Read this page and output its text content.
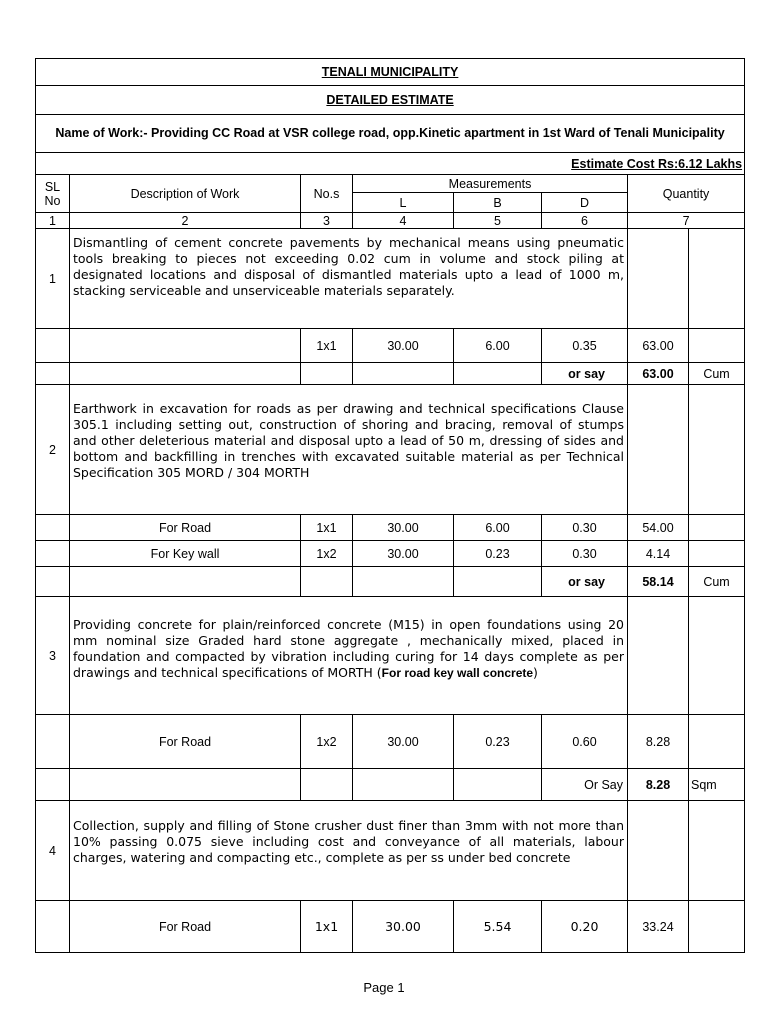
TENALI MUNICIPALITY							
DETAILED ESTIMATE							
Name of Work:- Providing CC Road at VSR college road, opp.Kinetic apartment in 1st Ward of Tenali Municipality							
Estimate Cost Rs:6.12 Lakhs							
SL No	Description of Work	No.s	Measurements			Quantity	
			L	B	D		
1	2	3	4	5	6	7	
1	Dismantling of cement concrete pavements by mechanical means using pneumatic tools breaking to pieces not exceeding 0.02 cum in volume and stock piling at designated locations and disposal of dismantled materials upto a lead of 1000 m, stacking serviceable and unserviceable materials separately.						
		1x1	30.00	6.00	0.35	63.00	
					or say	63.00	Cum
2	Earthwork in excavation for roads as per drawing and technical specifications Clause 305.1 including setting out, construction of shoring and bracing, removal of stumps and other deleterious material and disposal upto a lead of 50 m, dressing of sides and bottom and backfilling in trenches with excavated suitable material as per Technical Specification 305 MORD / 304 MORTH						
	For Road	1x1	30.00	6.00	0.30	54.00	
	For Key wall	1x2	30.00	0.23	0.30	4.14	
					or say	58.14	Cum
3	Providing concrete for plain/reinforced concrete (M15) in open foundations using 20 mm nominal size Graded hard stone aggregate , mechanically mixed, placed in foundation and compacted by vibration including curing for 14 days complete as per drawings and technical specifications of MORTH (For road key wall concrete)						
	For Road	1x2	30.00	0.23	0.60	8.28	
					Or Say	8.28	Sqm
4	Collection, supply and filling of Stone crusher dust finer than 3mm with not more than 10% passing 0.075 sieve including cost and conveyance of all materials, labour charges, watering and compacting etc., complete as per ss under bed concrete						
	For Road	1x1	30.00	5.54	0.20	33.24	
Page 1
